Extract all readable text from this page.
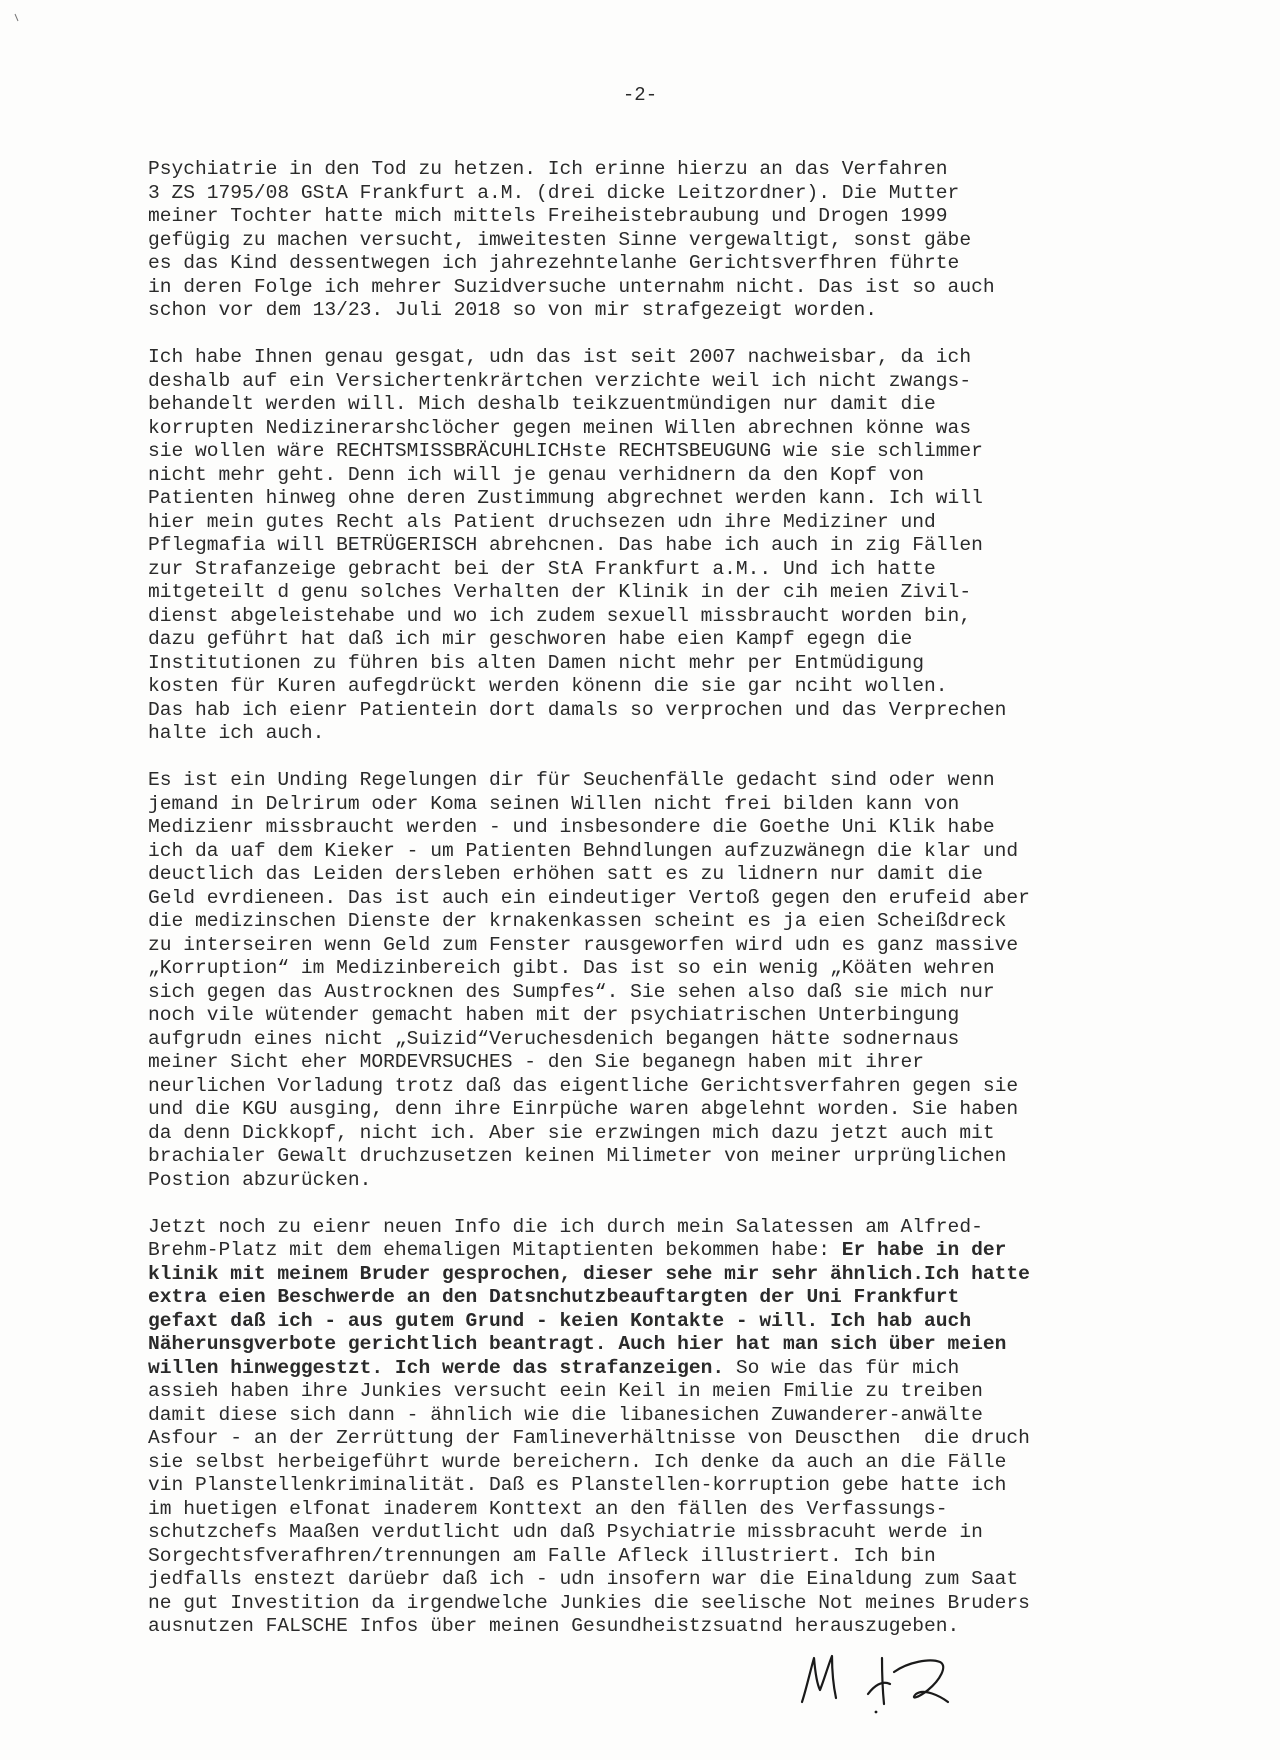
-2-
Psychiatrie in den Tod zu hetzen. Ich erinne hierzu an das Verfahren
3 ZS 1795/08 GStA Frankfurt a.M. (drei dicke Leitzordner). Die Mutter
meiner Tochter hatte mich mittels Freiheistebraubung und Drogen 1999
gefügig zu machen versucht, imweitesten Sinne vergewaltigt, sonst gäbe
es das Kind dessentwegen ich jahrezehntelanhe Gerichtsverfhren führte
in deren Folge ich mehrer Suzidversuche unternahm nicht. Das ist so auch
schon vor dem 13/23. Juli 2018 so von mir strafgezeigt worden.
Ich habe Ihnen genau gesgat, udn das ist seit 2007 nachweisbar, da ich
deshalb auf ein Versichertenkrärtchen verzichte weil ich nicht zwangs-
behandelt werden will. Mich deshalb teikzuentmündigen nur damit die
korrupten Nedizinerarshclöcher gegen meinen Willen abrechnen könne was
sie wollen wäre RECHTSMISSBRÄCUHLICHste RECHTSBEUGUNG wie sie schlimmer
nicht mehr geht. Denn ich will je genau verhidnern da den Kopf von
Patienten hinweg ohne deren Zustimmung abgrechnet werden kann. Ich will
hier mein gutes Recht als Patient druchsezen udn ihre Mediziner und
Pflegmafia will BETRÜGERISCH abrehcnen. Das habe ich auch in zig Fällen
zur Strafanzeige gebracht bei der StA Frankfurt a.M.. Und ich hatte
mitgeteilt d genu solches Verhalten der Klinik in der cih meien Zivil-
dienst abgeleistehabe und wo ich zudem sexuell missbraucht worden bin,
dazu geführt hat daß ich mir geschworen habe eien Kampf egegn die
Institutionen zu führen bis alten Damen nicht mehr per Entmüdigung
kosten für Kuren aufegdrückt werden könenn die sie gar nciht wollen.
Das hab ich eienr Patientein dort damals so verprochen und das Verprechen
halte ich auch.
Es ist ein Unding Regelungen dir für Seuchenfälle gedacht sind oder wenn
jemand in Delrirum oder Koma seinen Willen nicht frei bilden kann von
Medizienr missbraucht werden - und insbesondere die Goethe Uni Klik habe
ich da uaf dem Kieker - um Patienten Behndlungen aufzuzwänegn die klar und
deuctlich das Leiden dersleben erhöhen satt es zu lidnern nur damit die
Geld evrdieneen. Das ist auch ein eindeutiger Vertoß gegen den erufeid aber
die medizinschen Dienste der krnakenkassen scheint es ja eien Scheißdreck
zu interseiren wenn Geld zum Fenster rausgeworfen wird udn es ganz massive
„Korruption“ im Medizinbereich gibt. Das ist so ein wenig „Köäten wehren
sich gegen das Austrocknen des Sumpfes“. Sie sehen also daß sie mich nur
noch vile wütender gemacht haben mit der psychiatrischen Unterbingung
aufgrudn eines nicht „Suizid“Veruchesdenich begangen hätte sodnernaus
meiner Sicht eher MORDEVRSUCHES - den Sie beganegn haben mit ihrer
neurlichen Vorladung trotz daß das eigentliche Gerichtsverfahren gegen sie
und die KGU ausging, denn ihre Einrpüche waren abgelehnt worden. Sie haben
da denn Dickkopf, nicht ich. Aber sie erzwingen mich dazu jetzt auch mit
brachialer Gewalt druchzusetzen keinen Milimeter von meiner urprünglichen
Postion abzurücken.
Jetzt noch zu eienr neuen Info die ich durch mein Salatessen am Alfred-
Brehm-Platz mit dem ehemaligen Mitaptienten bekommen habe: Er habe in der
klinik mit meinem Bruder gesprochen, dieser sehe mir sehr ähnlich.Ich hatte
extra eien Beschwerde an den Datsnchutzbeauftargten der Uni Frankfurt
gefaxt daß ich - aus gutem Grund - keien Kontakte - will. Ich hab auch
Näherunsgverbote gerichtlich beantragt. Auch hier hat man sich über meien
willen hinweggestzt. Ich werde das strafanzeigen. So wie das für mich
assieh haben ihre Junkies versucht eein Keil in meien Fmilie zu treiben
damit diese sich dann - ähnlich wie die libanesichen Zuwanderer-anwälte
Asfour - an der Zerrüttung der Famlineverhältnisse von Deuscthen  die druch
sie selbst herbeigeführt wurde bereichern. Ich denke da auch an die Fälle
vin Planstellenkriminalität. Daß es Planstellen-korruption gebe hatte ich
im huetigen elfonat inaderem Konttext an den fällen des Verfassungs-
schutzchefs Maaßen verdutlicht udn daß Psychiatrie missbracuht werde in
Sorgechtsfverafhren/trennungen am Falle Afleck illustriert. Ich bin
jedfalls enstezt darüebr daß ich - udn insofern war die Einaldung zum Saat
ne gut Investition da irgendwelche Junkies die seelische Not meines Bruders
ausnutzen FALSCHE Infos über meinen Gesundheistzsuatnd herauszugeben.
